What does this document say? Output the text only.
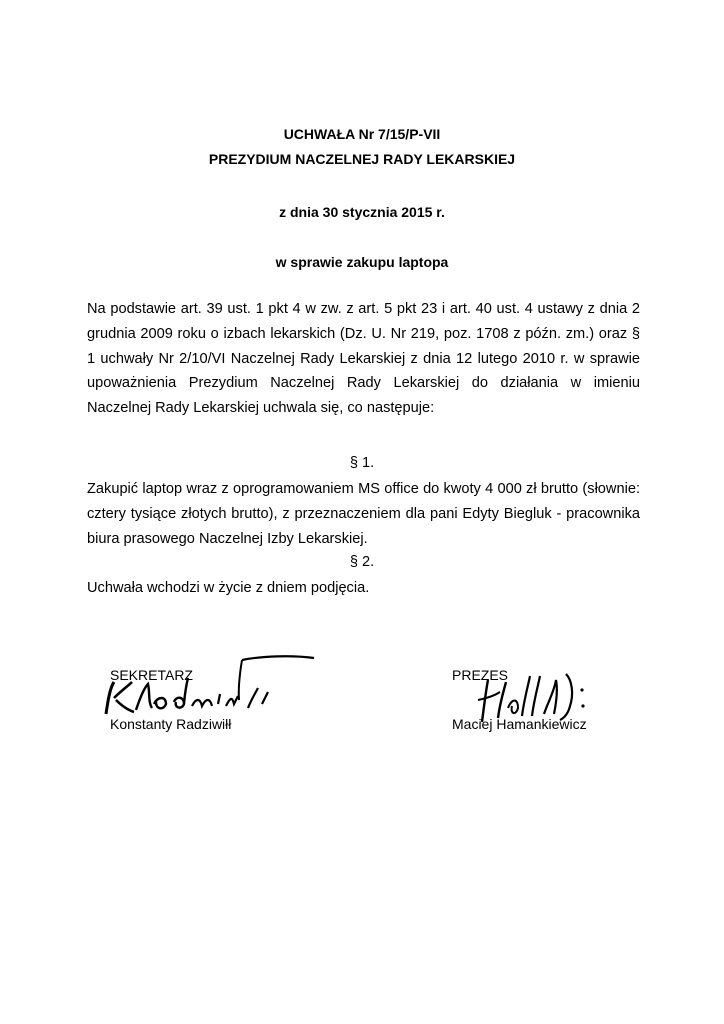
UCHWAŁA Nr 7/15/P-VII
PREZYDIUM NACZELNEJ RADY LEKARSKIEJ
z dnia 30 stycznia 2015 r.
w sprawie zakupu laptopa
Na podstawie art. 39 ust. 1 pkt 4 w zw. z art. 5 pkt 23 i art. 40 ust. 4 ustawy z dnia 2 grudnia 2009 roku o izbach lekarskich (Dz. U. Nr 219, poz. 1708 z późn. zm.) oraz § 1 uchwały Nr 2/10/VI Naczelnej Rady Lekarskiej z dnia 12 lutego 2010 r. w sprawie upoważnienia Prezydium Naczelnej Rady Lekarskiej do działania w imieniu Naczelnej Rady Lekarskiej uchwala się, co następuje:
§ 1.
Zakupić laptop wraz z oprogramowaniem MS office do kwoty 4 000 zł brutto (słownie: cztery tysiące złotych brutto), z przeznaczeniem dla pani Edyty Biegluk - pracownika biura prasowego Naczelnej Izby Lekarskiej.
§ 2.
Uchwała wchodzi w życie z dniem podjęcia.
SEKRETARZ
Konstanty Radziwiłł
PREZES
Maciej Hamankiewicz
